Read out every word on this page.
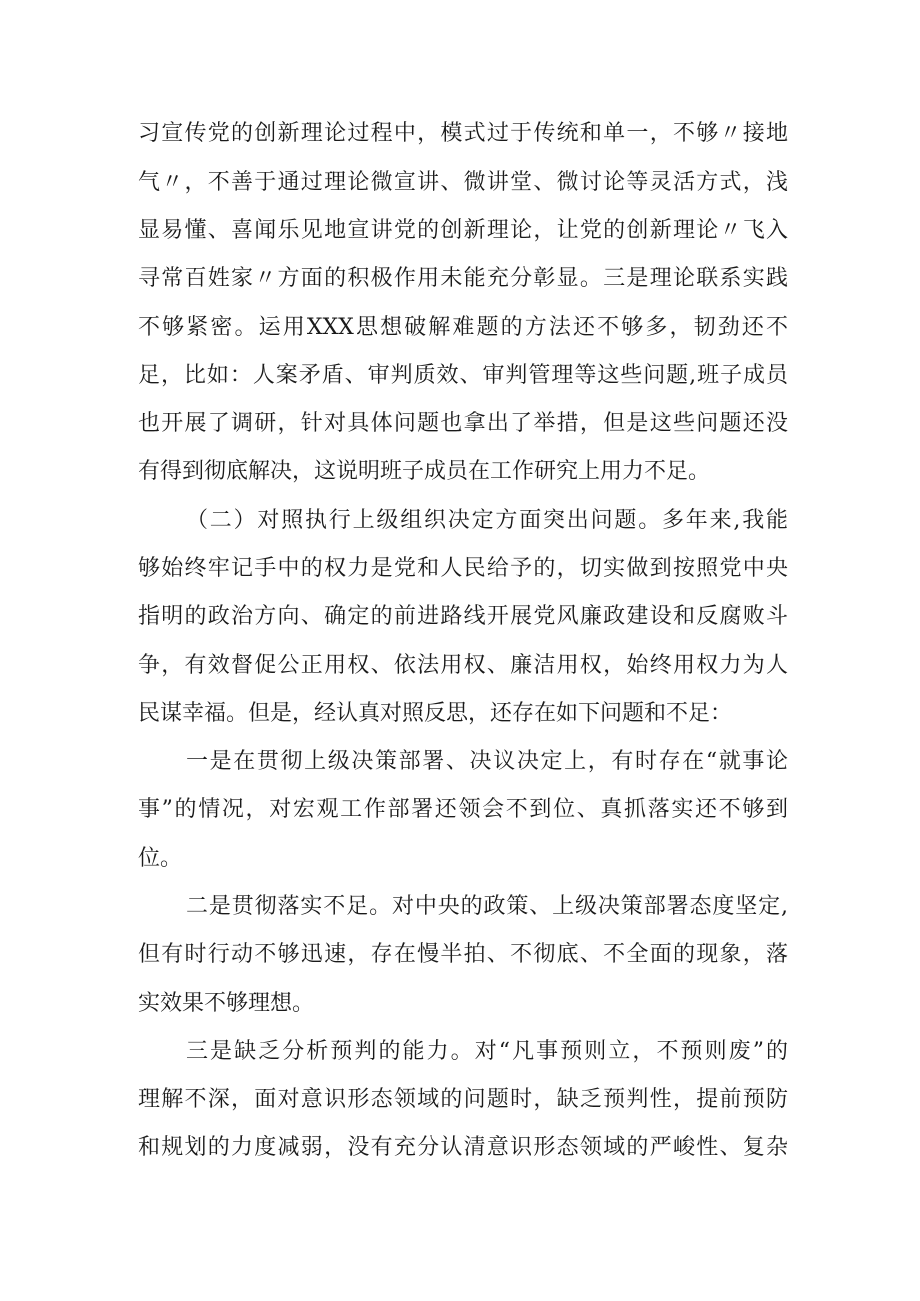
习宣传党的创新理论过程中，模式过于传统和单一，不够〃接地
气〃，不善于通过理论微宣讲、微讲堂、微讨论等灵活方式，浅
显易懂、喜闻乐见地宣讲党的创新理论，让党的创新理论〃飞入
寻常百姓家〃方面的积极作用未能充分彰显。三是理论联系实践
不够紧密。运用XXX思想破解难题的方法还不够多，韧劲还不
足，比如：人案矛盾、审判质效、审判管理等这些问题,班子成员
也开展了调研，针对具体问题也拿出了举措，但是这些问题还没
有得到彻底解决，这说明班子成员在工作研究上用力不足。
（二）对照执行上级组织决定方面突出问题。多年来,我能
够始终牢记手中的权力是党和人民给予的，切实做到按照党中央
指明的政治方向、确定的前进路线开展党风廉政建设和反腐败斗
争，有效督促公正用权、依法用权、廉洁用权，始终用权力为人
民谋幸福。但是，经认真对照反思，还存在如下问题和不足：
一是在贯彻上级决策部署、决议决定上，有时存在“就事论
事”的情况，对宏观工作部署还领会不到位、真抓落实还不够到
位。
二是贯彻落实不足。对中央的政策、上级决策部署态度坚定,
但有时行动不够迅速，存在慢半拍、不彻底、不全面的现象，落
实效果不够理想。
三是缺乏分析预判的能力。对“凡事预则立，不预则废”的
理解不深，面对意识形态领域的问题时，缺乏预判性，提前预防
和规划的力度减弱，没有充分认清意识形态领域的严峻性、复杂
